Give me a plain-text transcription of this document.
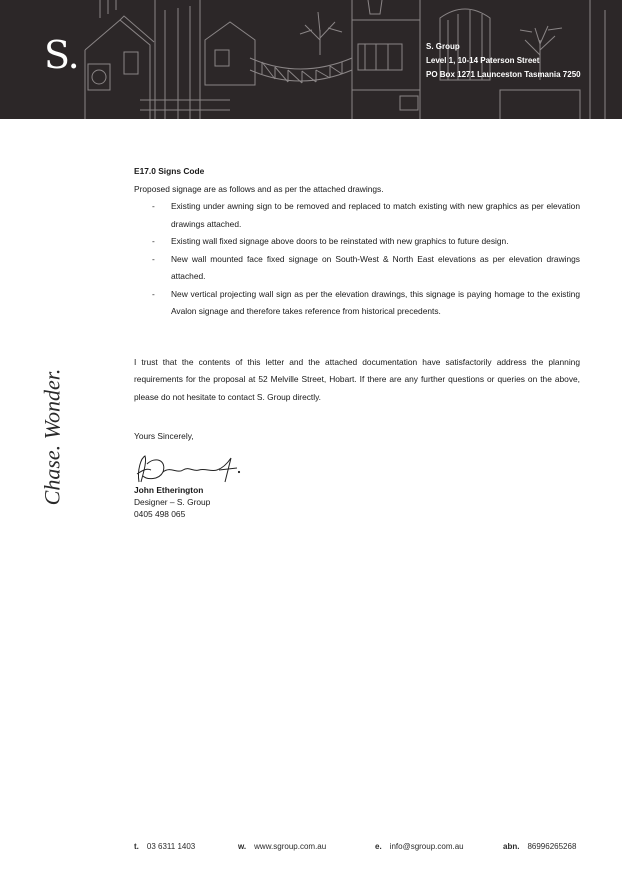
S.	S. Group
Level 1, 10-14 Paterson Street
PO Box 1271 Launceston Tasmania 7250
Chase. Wonder.

E17.0 Signs Code

Proposed signage are as follows and as per the attached drawings.

- Existing under awning sign to be removed and replaced to match existing with new graphics as per elevation drawings attached.
- Existing wall fixed signage above doors to be reinstated with new graphics to future design.
- New wall mounted face fixed signage on South-West & North East elevations as per elevation drawings attached.
- New vertical projecting wall sign as per the elevation drawings, this signage is paying homage to the existing Avalon signage and therefore takes reference from historical precedents.

I trust that the contents of this letter and the attached documentation have satisfactorily address the planning requirements for the proposal at 52 Melville Street, Hobart. If there are any further questions or queries on the above, please do not hesitate to contact S. Group directly.

Yours Sincerely,

John Etherington
Designer – S. Group
0405 498 065
t. 03 6311 1403	w. www.sgroup.com.au	e. info@sgroup.com.au	abn. 86996265268
